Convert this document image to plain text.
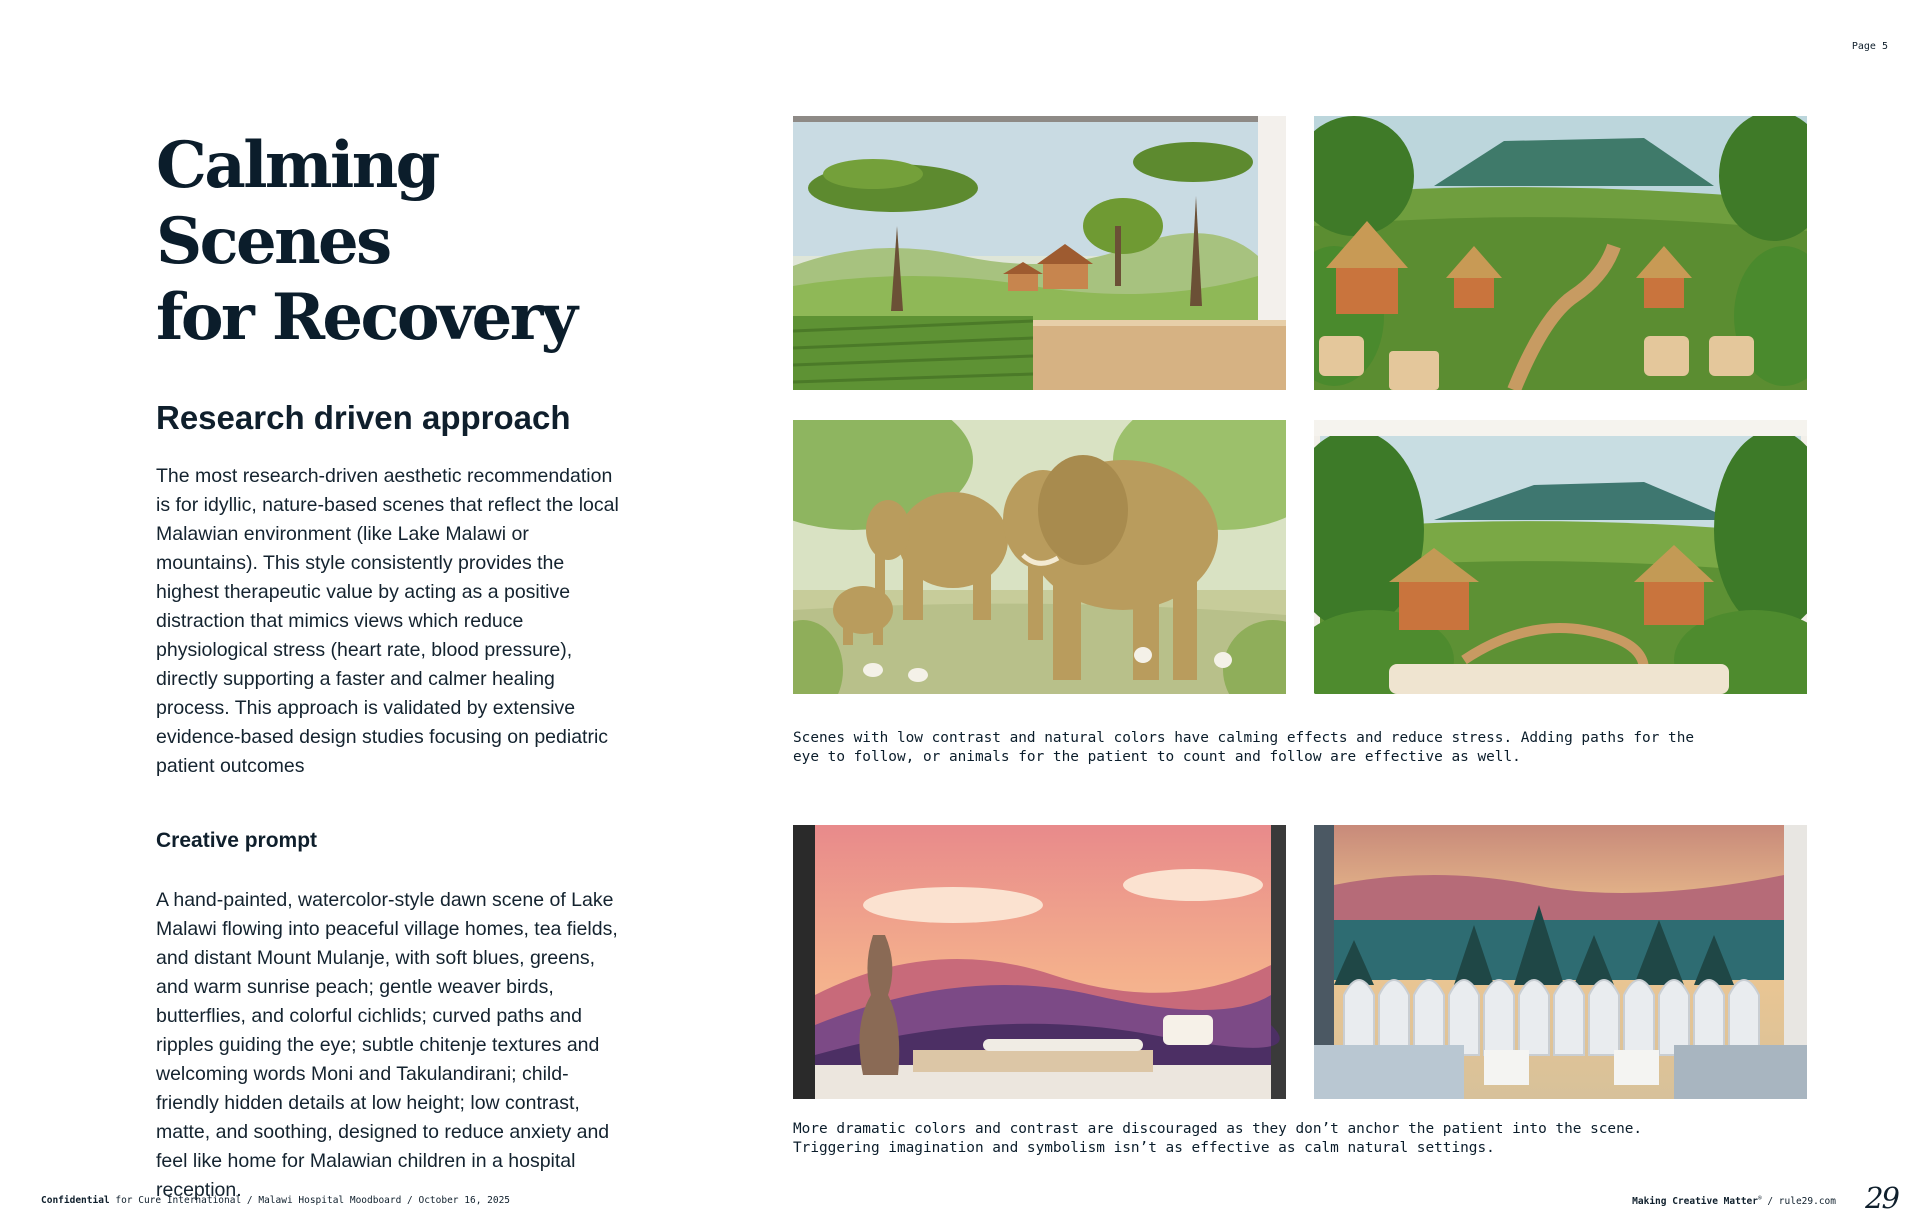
Page 5
Calming Scenes
for Recovery
Research driven approach

The most research-driven aesthetic recommendation is for idyllic, nature-based scenes that reflect the local Malawian environment (like Lake Malawi or mountains). This style consistently provides the highest therapeutic value by acting as a positive distraction that mimics views which reduce physiological stress (heart rate, blood pressure), directly supporting a faster and calmer healing process. This approach is validated by extensive evidence-based design studies focusing on pediatric patient outcomes

Creative prompt

A hand-painted, watercolor-style dawn scene of Lake Malawi flowing into peaceful village homes, tea fields, and distant Mount Mulanje, with soft blues, greens, and warm sunrise peach; gentle weaver birds, butterflies, and colorful cichlids; curved paths and ripples guiding the eye; subtle chitenje textures and welcoming words Moni and Takulandirani; child-friendly hidden details at low height; low contrast, matte, and soothing, designed to reduce anxiety and feel like home for Malawian children in a hospital reception.

Scenes with low contrast and natural colors have calming effects and reduce stress. Adding paths for the
eye to follow, or animals for the patient to count and follow are effective as well.
More dramatic colors and contrast are discouraged as they don’t anchor the patient into the scene.
Triggering imagination and symbolism isn’t as effective as calm natural settings.
Confidential for Cure International / Malawi Hospital Moodboard / October 16, 2025	Making Creative Matter® / rule29.com 29
